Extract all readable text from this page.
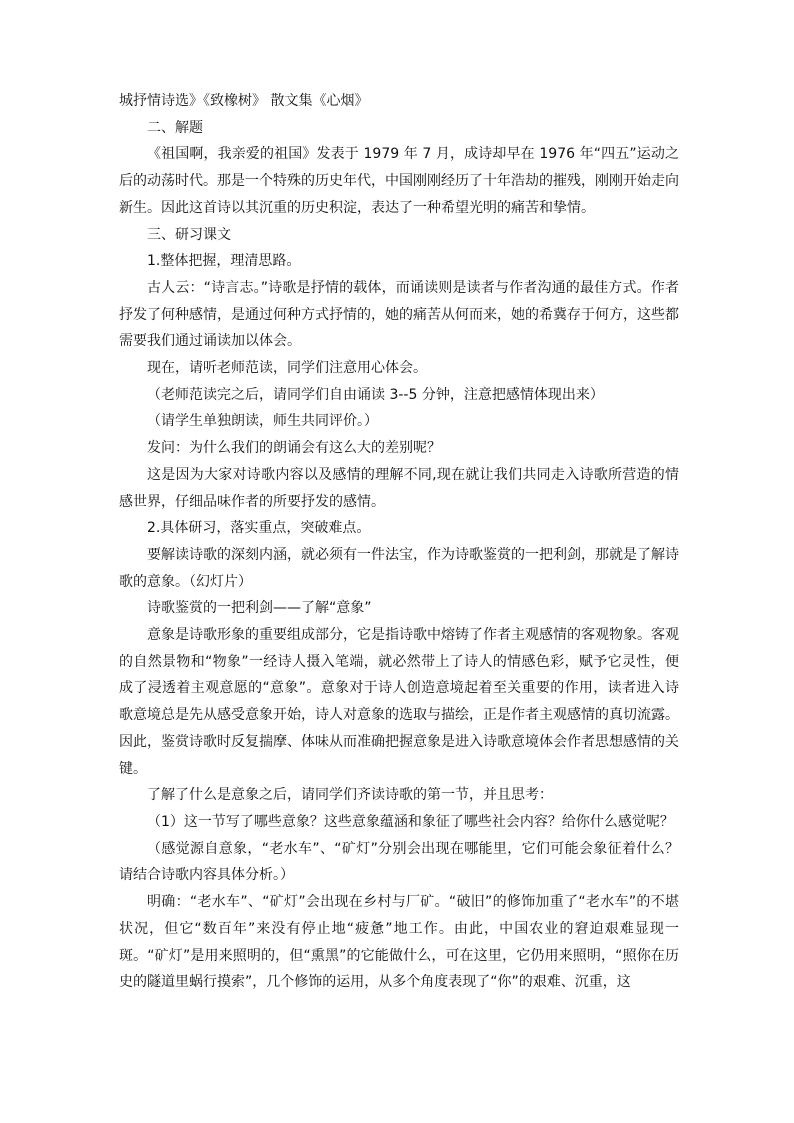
城抒情诗选》《致橡树》 散文集《心烟》

二、解题

《祖国啊，我亲爱的祖国》发表于 1979 年 7 月，成诗却早在 1976 年“四五”运动之后的动荡时代。那是一个特殊的历史年代，中国刚刚经历了十年浩劫的摧残，刚刚开始走向新生。因此这首诗以其沉重的历史积淀，表达了一种希望光明的痛苦和挚情。

三、研习课文

1.整体把握，理清思路。

古人云：“诗言志。”诗歌是抒情的载体，而诵读则是读者与作者沟通的最佳方式。作者抒发了何种感情，是通过何种方式抒情的，她的痛苦从何而来，她的希冀存于何方，这些都需要我们通过诵读加以体会。

现在，请听老师范读，同学们注意用心体会。

（老师范读完之后，请同学们自由诵读 3--5 分钟，注意把感情体现出来）

（请学生单独朗读，师生共同评价。）

发问：为什么我们的朗诵会有这么大的差别呢？

这是因为大家对诗歌内容以及感情的理解不同,现在就让我们共同走入诗歌所营造的情感世界，仔细品味作者的所要抒发的感情。

2.具体研习，落实重点，突破难点。

要解读诗歌的深刻内涵，就必须有一件法宝，作为诗歌鉴赏的一把利剑，那就是了解诗歌的意象。（幻灯片）

诗歌鉴赏的一把利剑——了解“意象”

意象是诗歌形象的重要组成部分，它是指诗歌中熔铸了作者主观感情的客观物象。客观的自然景物和“物象”一经诗人摄入笔端，就必然带上了诗人的情感色彩，赋予它灵性，便成了浸透着主观意愿的“意象”。意象对于诗人创造意境起着至关重要的作用，读者进入诗歌意境总是先从感受意象开始，诗人对意象的选取与描绘，正是作者主观感情的真切流露。因此，鉴赏诗歌时反复揣摩、体味从而准确把握意象是进入诗歌意境体会作者思想感情的关键。

了解了什么是意象之后，请同学们齐读诗歌的第一节，并且思考：

（1）这一节写了哪些意象？这些意象蕴涵和象征了哪些社会内容？给你什么感觉呢？

（感觉源自意象，“老水车”、“矿灯”分别会出现在哪能里，它们可能会象征着什么？请结合诗歌内容具体分析。）

明确：“老水车”、“矿灯”会出现在乡村与厂矿。“破旧”的修饰加重了“老水车”的不堪状况，但它“数百年”来没有停止地“疲惫”地工作。由此，中国农业的窘迫艰难显现一斑。“矿灯”是用来照明的，但“熏黑”的它能做什么，可在这里，它仍用来照明，“照你在历史的隧道里蜗行摸索”，几个修饰的运用，从多个角度表现了“你”的艰难、沉重，这
